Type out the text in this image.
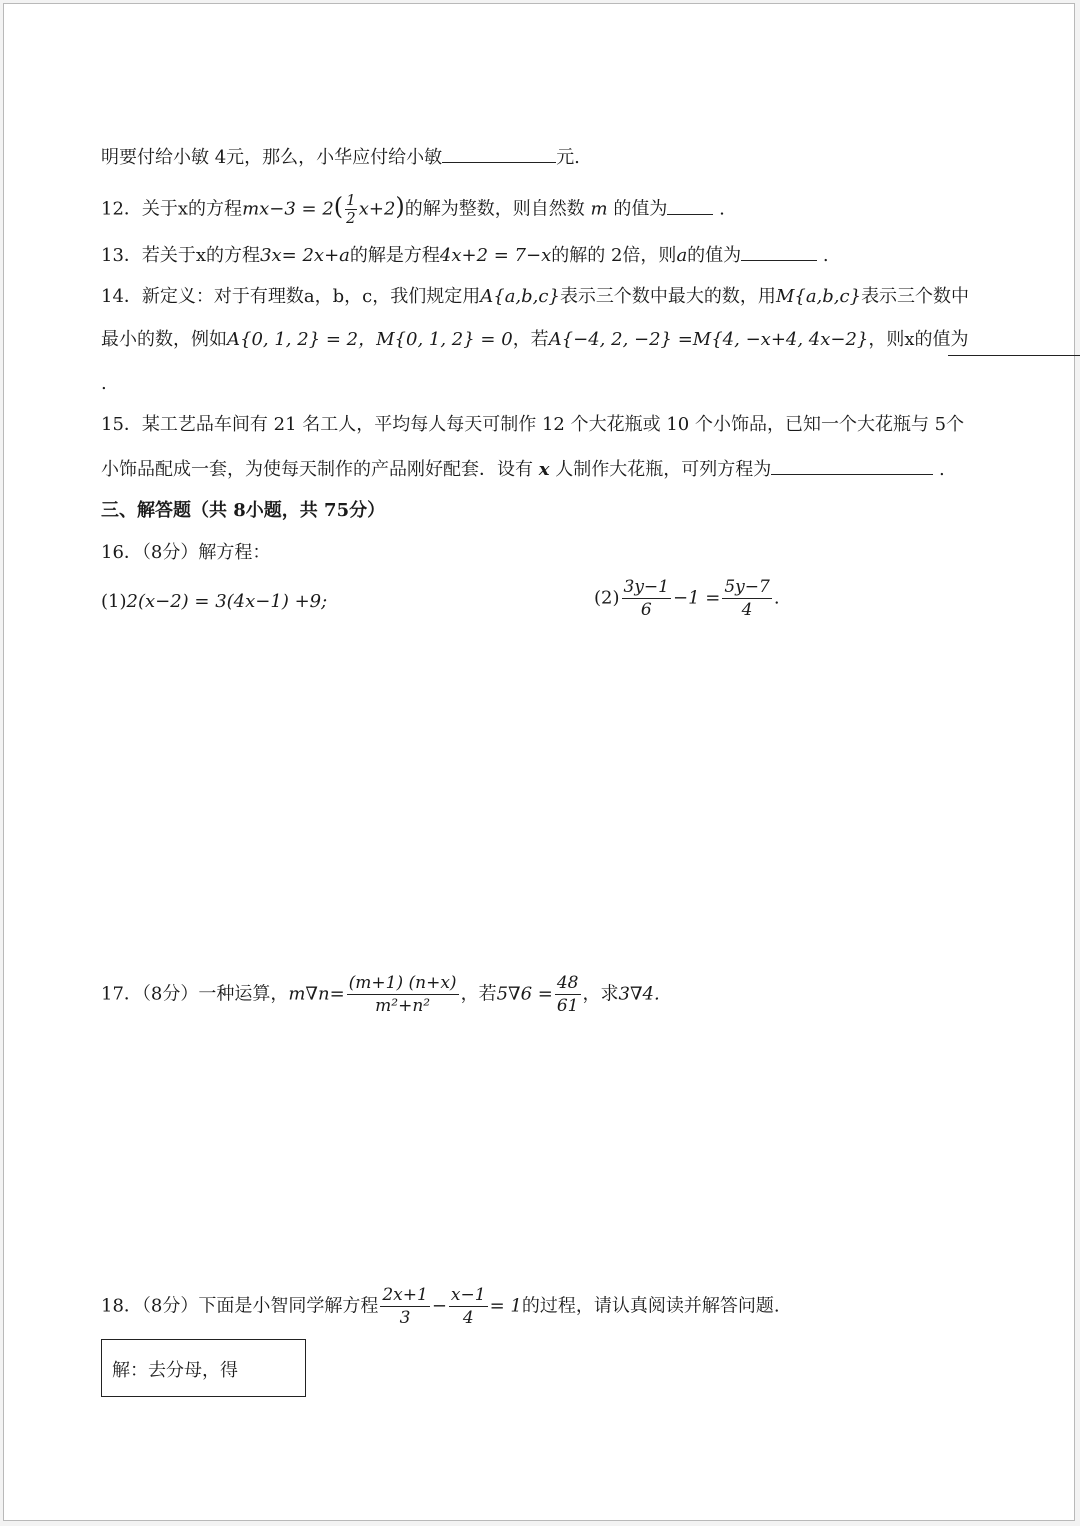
明要付给小敏 4元，那么，小华应付给小敏	元.
12．关于x的方程$mx-3 = 2( \frac{1}{2} x+2)$的解为整数，则自然数 m 的值为	.
13．若关于x的方程3x= 2x+a的解是方程4x+2 = 7−x的解的 2倍，则a的值为	.
14．新定义：对于有理数a，b，c，我们规定用A{a,b,c}表示三个数中最大的数，用M{a,b,c}表示三个数中
最小的数，例如A{0, 1, 2} = 2，M{0, 1, 2} = 0，若A{−4, 2, −2} =M{4, −x+4, 4x−2}，则x的值为
.
15．某工艺品车间有 21 名工人，平均每人每天可制作 12 个大花瓶或 10 个小饰品，已知一个大花瓶与 5个
小饰品配成一套，为使每天制作的产品刚好配套．设有 x 人制作大花瓶，可列方程为	.
三、解答题（共 8小题，共 75分）
16．（8分）解方程：
(1)2(x−2) = 3(4x−1) +9;	$(2) \frac{3y-1}{6} -1 = \frac{5y-7}{4}$ .
17．（8分）一种运算，$m\nabla n= \frac{(m+1) (n+x)}{\text{m²+n²}}$ ，若$5\nabla 6 = \frac{48}{61}$ ，求3∇4.
18．（8分）下面是小智同学解方程 $\frac{2x+1}{3} - \frac{x-1}{4} = 1$的过程，请认真阅读并解答问题.
解：去分母，得
